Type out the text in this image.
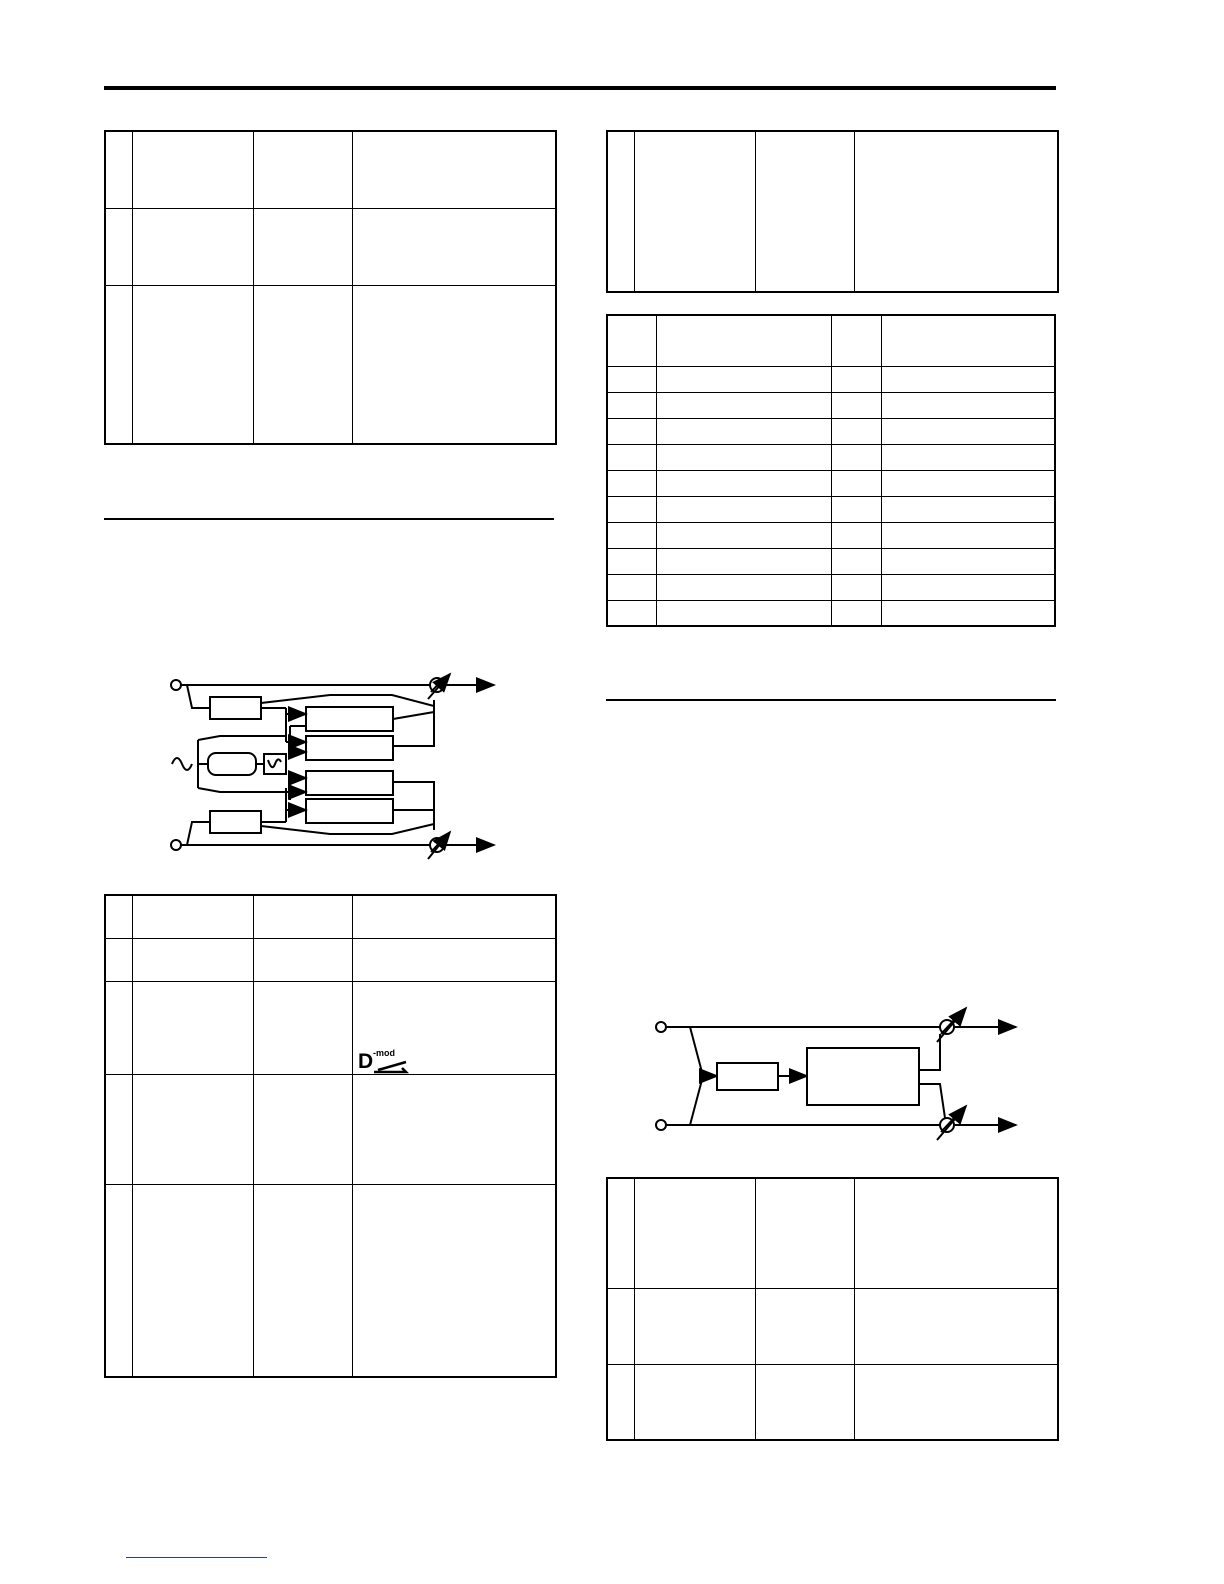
D -mod
